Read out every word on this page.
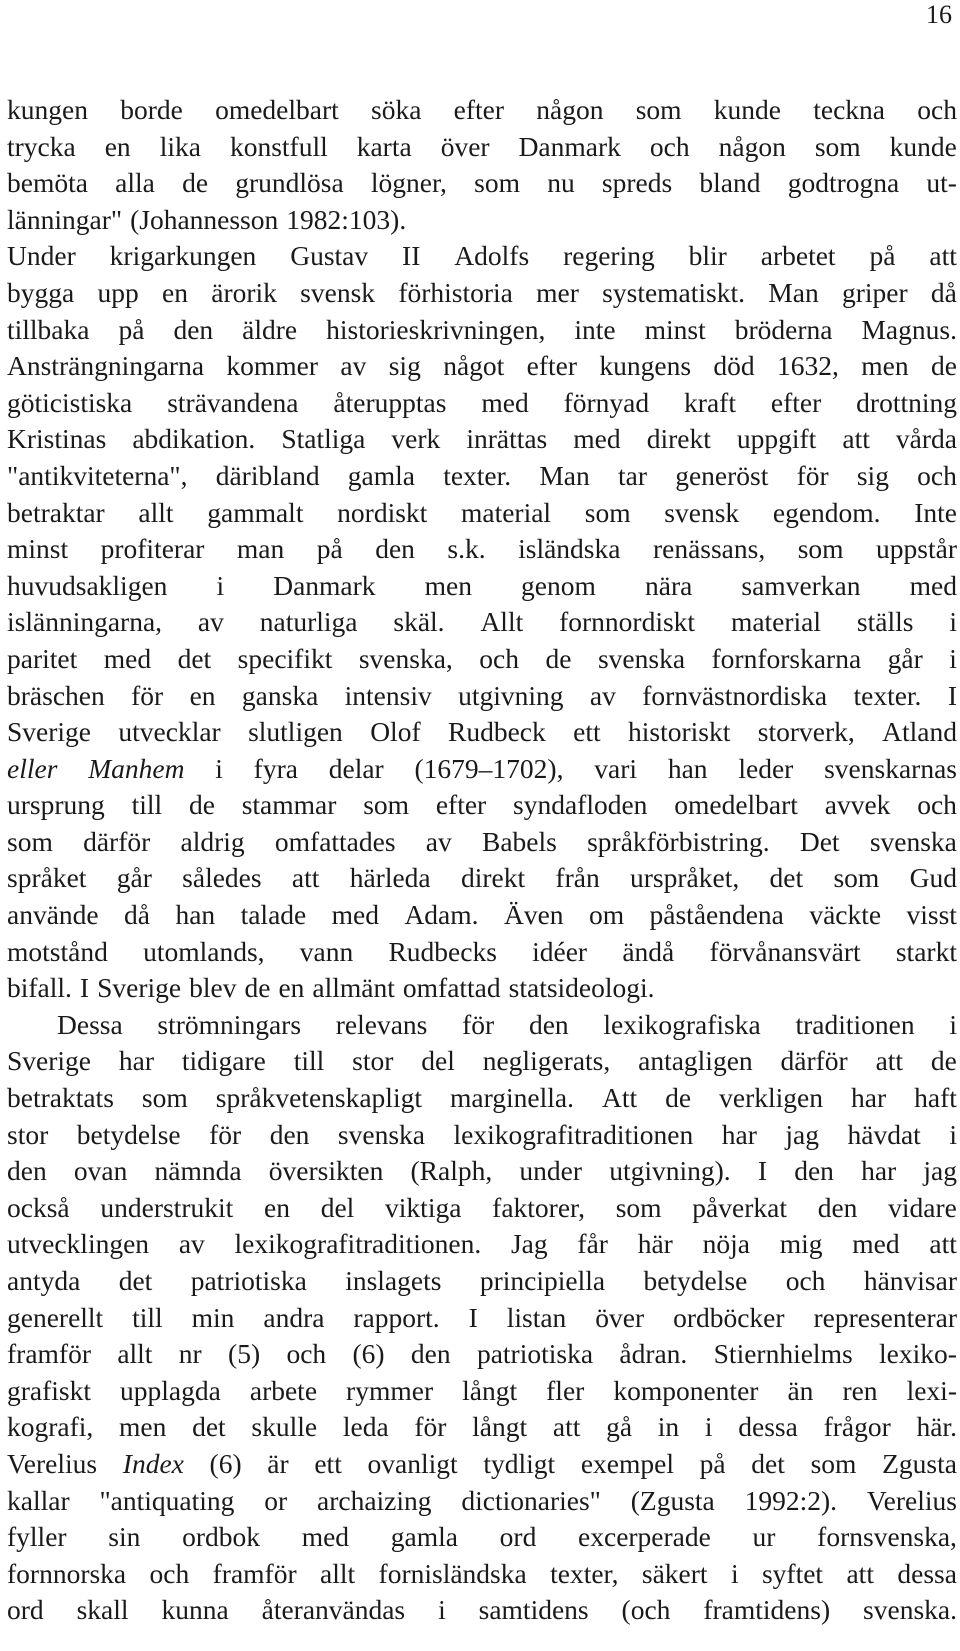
16
kungen borde omedelbart söka efter någon som kunde teckna och
trycka en lika konstfull karta över Danmark och någon som kunde
bemöta alla de grundlösa lögner, som nu spreds bland godtrogna ut-
länningar" (Johannesson 1982:103).
Under krigarkungen Gustav II Adolfs regering blir arbetet på att
bygga upp en ärorik svensk förhistoria mer systematiskt. Man griper då
tillbaka på den äldre historieskrivningen, inte minst bröderna Magnus.
Ansträngningarna kommer av sig något efter kungens död 1632, men de
göticistiska strävandena återupptas med förnyad kraft efter drottning
Kristinas abdikation. Statliga verk inrättas med direkt uppgift att vårda
"antikviteterna", däribland gamla texter. Man tar generöst för sig och
betraktar allt gammalt nordiskt material som svensk egendom. Inte
minst profiterar man på den s.k. isländska renässans, som uppstår
huvudsakligen i Danmark men genom nära samverkan med
islänningarna, av naturliga skäl. Allt fornnordiskt material ställs i
paritet med det specifikt svenska, och de svenska fornforskarna går i
bräschen för en ganska intensiv utgivning av fornvästnordiska texter. I
Sverige utvecklar slutligen Olof Rudbeck ett historiskt storverk, Atland
eller Manhem i fyra delar (1679–1702), vari han leder svenskarnas
ursprung till de stammar som efter syndafloden omedelbart avvek och
som därför aldrig omfattades av Babels språkförbistring. Det svenska
språket går således att härleda direkt från urspråket, det som Gud
använde då han talade med Adam. Även om påståendena väckte visst
motstånd utomlands, vann Rudbecks idéer ändå förvånansvärt starkt
bifall. I Sverige blev de en allmänt omfattad statsideologi.
Dessa strömningars relevans för den lexikografiska traditionen i
Sverige har tidigare till stor del negligerats, antagligen därför att de
betraktats som språkvetenskapligt marginella. Att de verkligen har haft
stor betydelse för den svenska lexikografitraditionen har jag hävdat i
den ovan nämnda översikten (Ralph, under utgivning). I den har jag
också understrukit en del viktiga faktorer, som påverkat den vidare
utvecklingen av lexikografitraditionen. Jag får här nöja mig med att
antyda det patriotiska inslagets principiella betydelse och hänvisar
generellt till min andra rapport. I listan över ordböcker representerar
framför allt nr (5) och (6) den patriotiska ådran. Stiernhielms lexiko-
grafiskt upplagda arbete rymmer långt fler komponenter än ren lexi-
kografi, men det skulle leda för långt att gå in i dessa frågor här.
Verelius Index (6) är ett ovanligt tydligt exempel på det som Zgusta
kallar "antiquating or archaizing dictionaries" (Zgusta 1992:2). Verelius
fyller sin ordbok med gamla ord excerperade ur fornsvenska,
fornnorska och framför allt fornisländska texter, säkert i syftet att dessa
ord skall kunna återanvändas i samtidens (och framtidens) svenska.
